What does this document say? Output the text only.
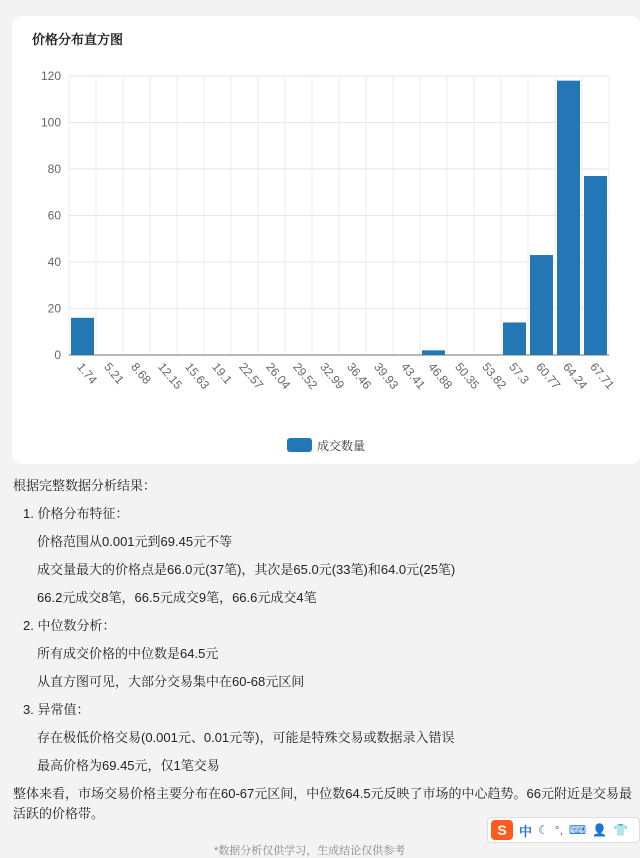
价格分布直方图
0
20
40
60
80
100
120
1.74 5.21 8.68 12.15
15.63
19.1 22.57
26.04
29.52
32.99
36.46
39.93
43.41
46.88
50.35
53.82
57.3 60.77
64.24
67.71
成交数量
根据完整数据分析结果：
1. 价格分布特征：
价格范围从0.001元到69.45元不等
成交量最大的价格点是66.0元(37笔)，其次是65.0元(33笔)和64.0元(25笔)
66.2元成交8笔，66.5元成交9笔，66.6元成交4笔
2. 中位数分析：
所有成交价格的中位数是64.5元
从直方图可见，大部分交易集中在60-68元区间
3. 异常值：
存在极低价格交易(0.001元、0.01元等)，可能是特殊交易或数据录入错误
最高价格为69.45元，仅1笔交易
整体来看，市场交易价格主要分布在60-67元区间，中位数64.5元反映了市场的中心趋势。66元附近是交易最活跃的价格带。
*数据分析仅供学习，生成结论仅供参考
S 中 ☾ °, ⌨ 👤 👕
